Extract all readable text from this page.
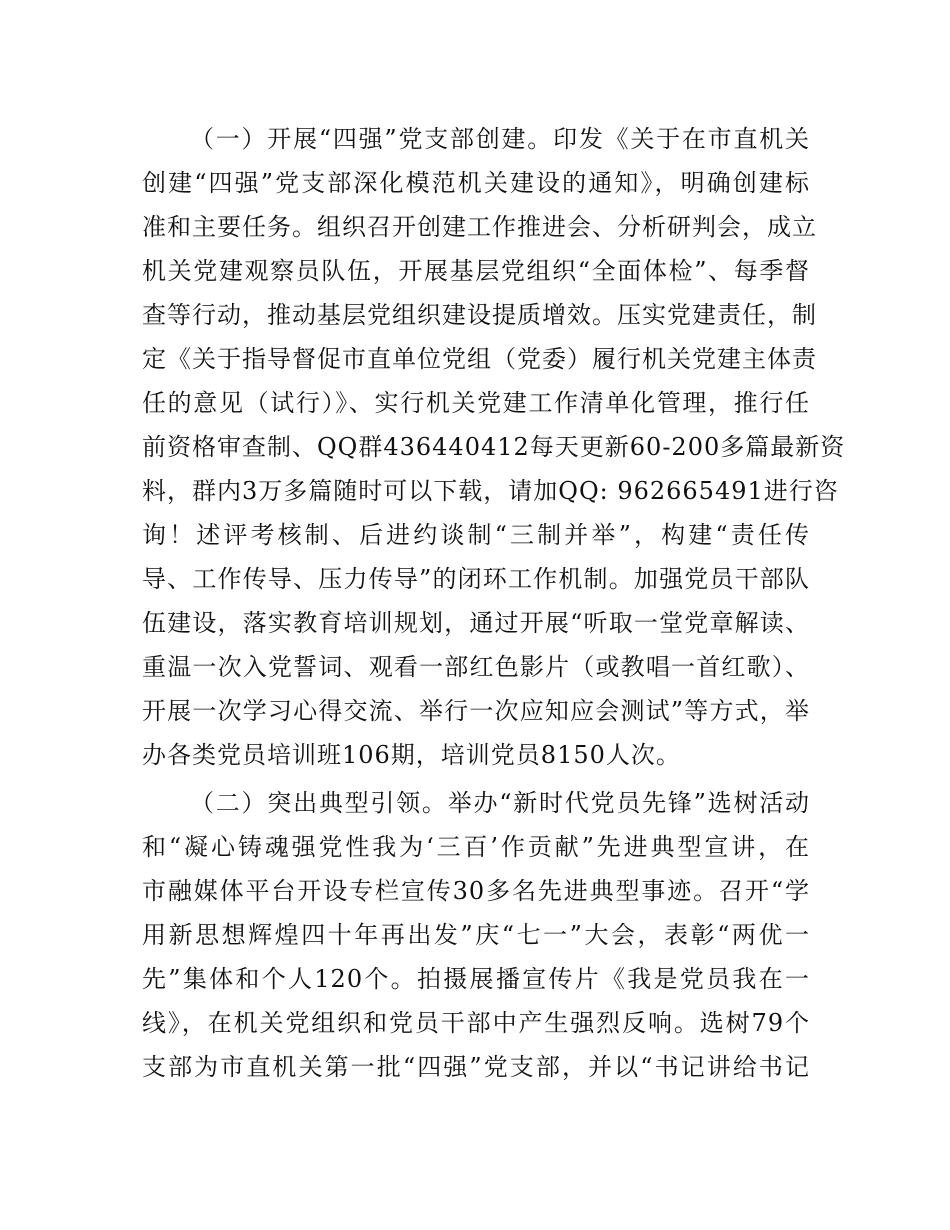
（一）开展“四强”党支部创建。印发《关于在市直机关
创建“四强”党支部深化模范机关建设的通知》，明确创建标
准和主要任务。组织召开创建工作推进会、分析研判会，成立
机关党建观察员队伍，开展基层党组织“全面体检”、每季督
查等行动，推动基层党组织建设提质增效。压实党建责任，制
定《关于指导督促市直单位党组（党委）履行机关党建主体责
任的意见（试行）》、实行机关党建工作清单化管理，推行任
前资格审查制、QQ群436440412每天更新60-200多篇最新资
料，群内3万多篇随时可以下载，请加QQ: 962665491进行咨
询！述评考核制、后进约谈制“三制并举”，构建“责任传
导、工作传导、压力传导”的闭环工作机制。加强党员干部队
伍建设，落实教育培训规划，通过开展“听取一堂党章解读、
重温一次入党誓词、观看一部红色影片（或教唱一首红歌）、
开展一次学习心得交流、举行一次应知应会测试”等方式，举
办各类党员培训班106期，培训党员8150人次。
（二）突出典型引领。举办“新时代党员先锋”选树活动
和“凝心铸魂强党性我为‘三百’作贡献”先进典型宣讲，在
市融媒体平台开设专栏宣传30多名先进典型事迹。召开“学
用新思想辉煌四十年再出发”庆“七一”大会，表彰“两优一
先”集体和个人120个。拍摄展播宣传片《我是党员我在一
线》，在机关党组织和党员干部中产生强烈反响。选树79个
支部为市直机关第一批“四强”党支部，并以“书记讲给书记
